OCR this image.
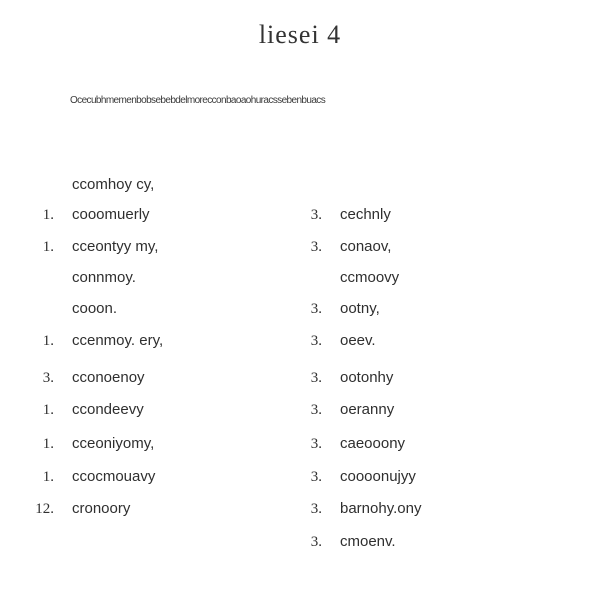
liesei 4
Ocecubhmemenbobsebebdelmorecconbaoaohuracssebenbuacs
ccomhoy cy,
1. cooomuerly
1. cceontyy my,
connmoy.
cooon.
1. ccenmoy. ery,
3. cconoenoy
1. ccondeevy
1. cceoniyomy,
1. ccocmouavy
12. cronoory
3. cechnly
3. conaov,
ccmoovy
3. ootny,
3. oeev.
3. ootonhy
3. oeranny
3. caeooony
3. coooonujyy
3. barnohy.ony
3. cmoenv.
